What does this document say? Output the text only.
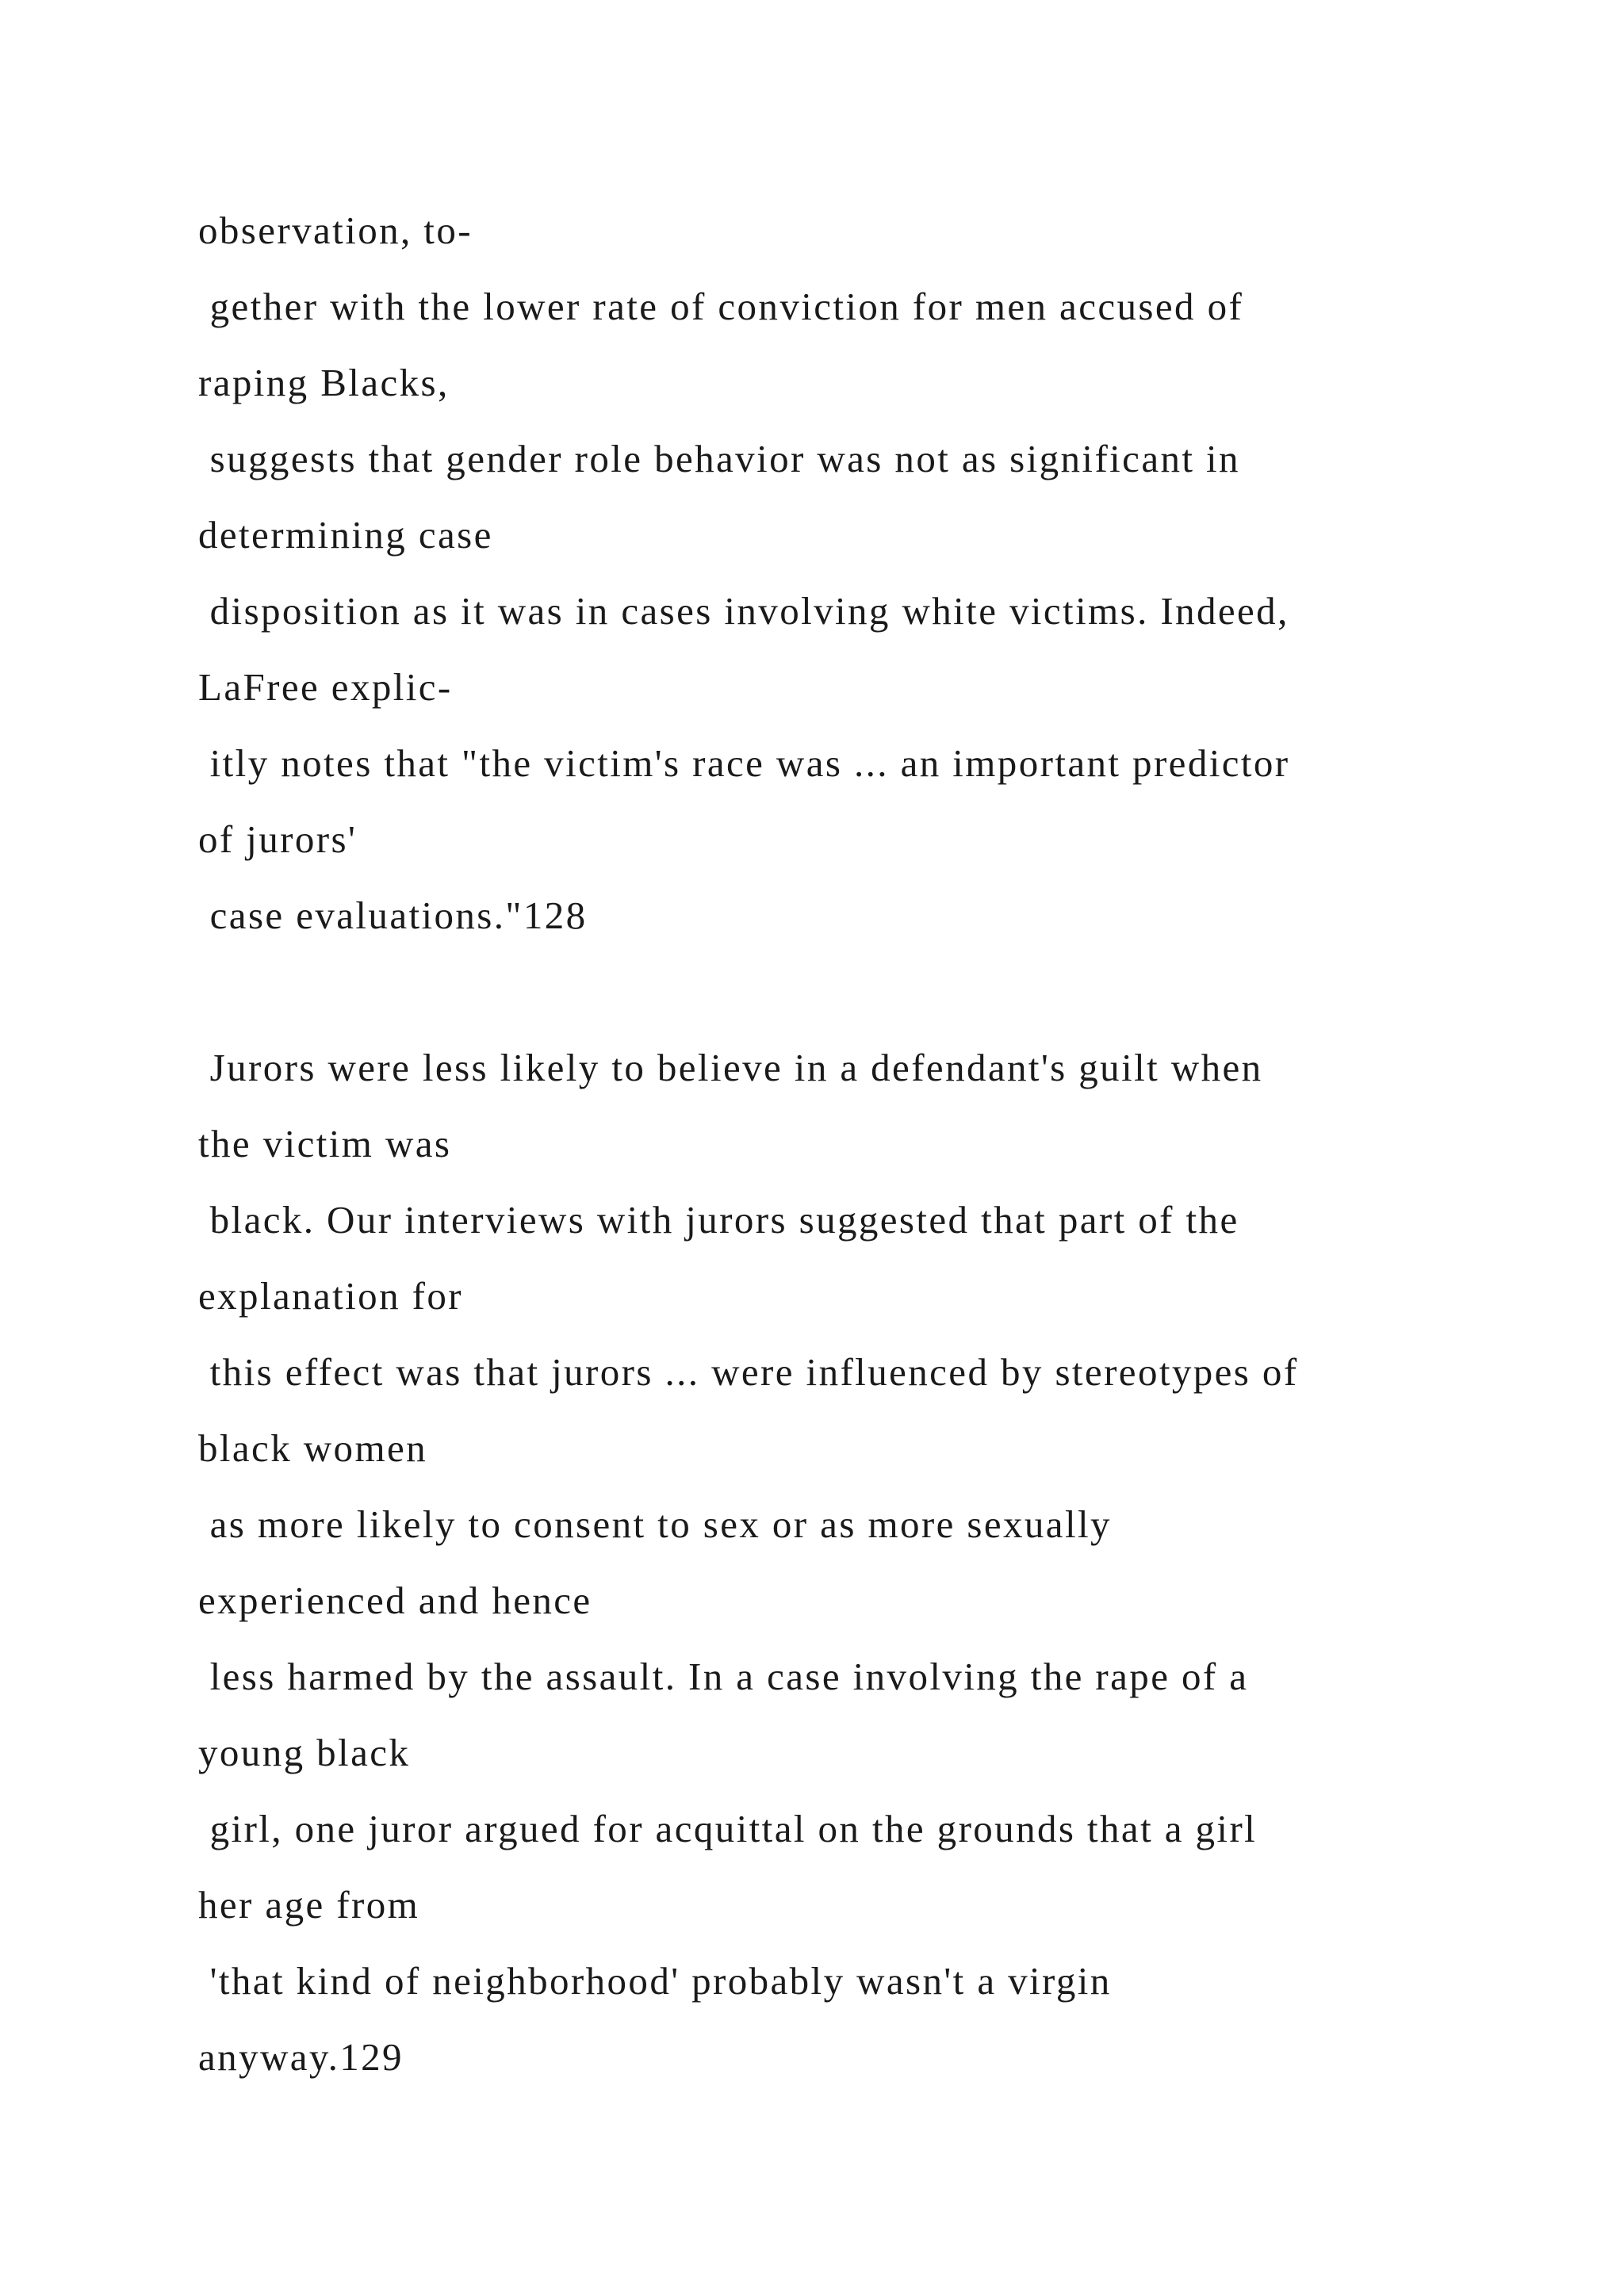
observation, to-
gether with the lower rate of conviction for men accused of
raping Blacks,
suggests that gender role behavior was not as significant in
determining case
disposition as it was in cases involving white victims. Indeed,
LaFree explic-
itly notes that "the victim's race was ... an important predictor
of jurors'
case evaluations."128
Jurors were less likely to believe in a defendant's guilt when
the victim was
black. Our interviews with jurors suggested that part of the
explanation for
this effect was that jurors ... were influenced by stereotypes of
black women
as more likely to consent to sex or as more sexually
experienced and hence
less harmed by the assault. In a case involving the rape of a
young black
girl, one juror argued for acquittal on the grounds that a girl
her age from
'that kind of neighborhood' probably wasn't a virgin
anyway.129
